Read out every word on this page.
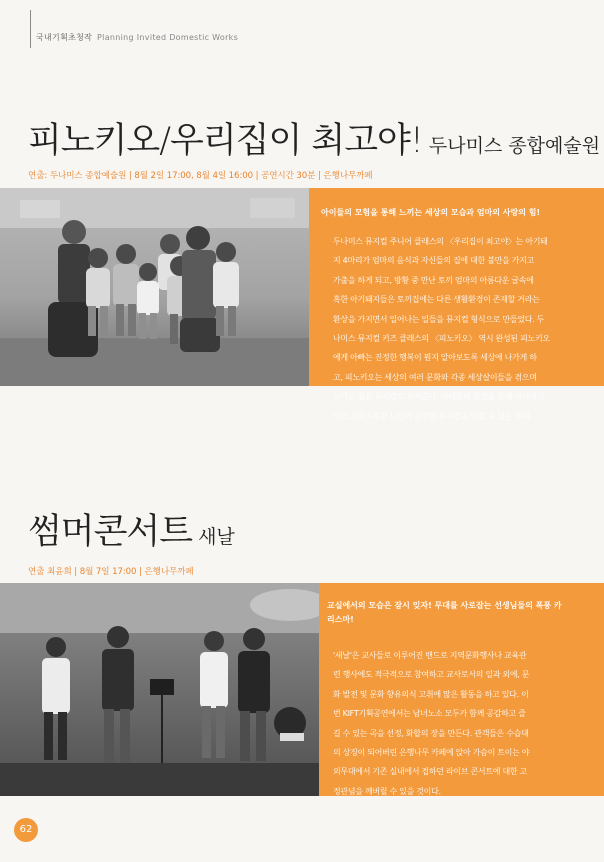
국내기획초청작 Planning Invited Domestic Works
피노키오/우리집이 최고야! 두나미스 종합예술원
연출: 두나미스 종합예술원 | 8월 2일 17:00, 8월 4일 16:00 | 공연시간 30분 | 은행나무까페
아이들의 모험을 통해 느끼는 세상의 모습과 엄마의 사랑의 힘!

두나미스 뮤지컬 주니어 클래스의 〈우리집이 최고야〉는 아기돼

지 4마리가 엄마의 음식과 자신들의 집에 대한 불만을 가지고

가출을 하게 되고, 방황 중 만난 토끼 엄마의 아름다운 굴속에

혹한 아기돼지들은 토끼집에는 다른 생활환경이 존재할 거라는

환상을 가지면서 일어나는 일들을 뮤지컬 형식으로 만들었다. 두

나미스 뮤지컬 키즈 클래스의 〈피노키오〉 역시 완성된 피노키오

에게 아빠는 진정한 행복이 뭔지 알아보도록 세상에 나가게 하

고, 피노키오는 세상의 여러 문화와 각종 세상살이들을 겪으며

느끼는 점을 뮤지컬로 보여준다. 아이들의 공연을 통해 아기자기

하고 오목조목한 느낌의 신선한 뮤지컬을 맛볼 수 있는 무대.

썸머콘서트 새날
연출 최윤희 | 8월 7일 17:00 | 은행나무까페
교실에서의 모습은 잠시 잊자! 무대를 사로잡는 선생님들의 폭풍 카
리스마!

'새날'은 교사들로 이루어진 밴드로 지역문화행사나 교육관

련 행사에도 적극적으로 참여하고 교사로서의 일과 외에, 문

화 발전 및 문화 향유의식 고취에 많은 활동을 하고 있다. 이

번 KIFT기획공연에서는 남녀노소 모두가 함께 공감하고 즐

길 수 있는 곡을 선정, 화합의 장을 만든다. 관객들은 수습대

의 상징이 되어버린 은행나무 카페에 앉아 가슴이 트이는 야

외무대에서 기존 실내에서 접하던 라이브 콘서트에 대한 고

정관념을 깨버릴 수 있을 것이다.

62
